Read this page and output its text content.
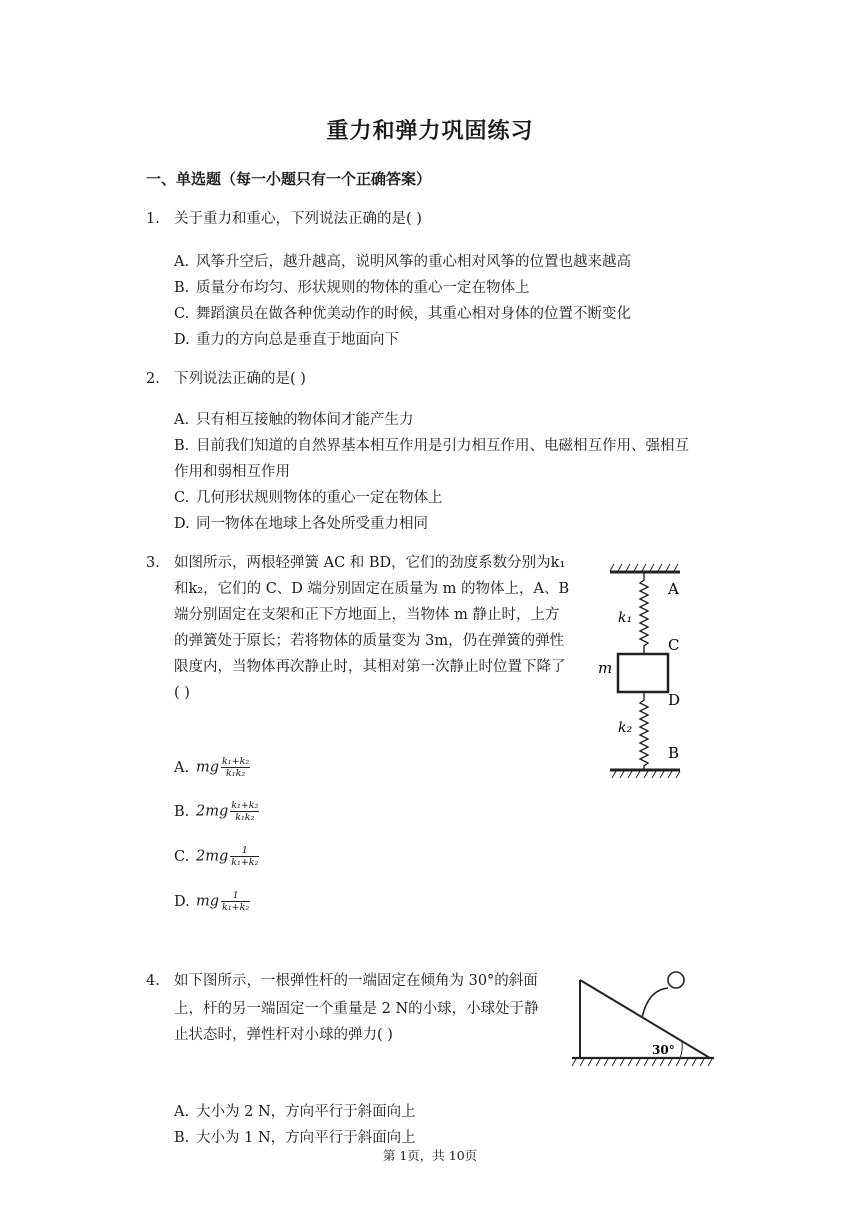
重力和弹力巩固练习
一、单选题（每一小题只有一个正确答案）
1. 关于重力和重心，下列说法正确的是( )
A. 风筝升空后，越升越高，说明风筝的重心相对风筝的位置也越来越高
B. 质量分布均匀、形状规则的物体的重心一定在物体上
C. 舞蹈演员在做各种优美动作的时候，其重心相对身体的位置不断变化
D. 重力的方向总是垂直于地面向下
2. 下列说法正确的是( )
A. 只有相互接触的物体间才能产生力
B. 目前我们知道的自然界基本相互作用是引力相互作用、电磁相互作用、强相互
作用和弱相互作用
C. 几何形状规则物体的重心一定在物体上
D. 同一物体在地球上各处所受重力相同
3. 如图所示，两根轻弹簧 AC 和 BD，它们的劲度系数分别为k₁
和k₂，它们的 C、D 端分别固定在质量为 m 的物体上，A、B
端分别固定在支架和正下方地面上，当物体 m 静止时，上方
的弹簧处于原长；若将物体的质量变为 3m，仍在弹簧的弹性
限度内，当物体再次静止时，其相对第一次静止时位置下降了
( )
A
C
D
B
m
k₁
k₂
A. mg $\frac{\text{k₁+k₂}}{\text{k₁k₂}}$
B. $2mg \frac{\text{k₁+k₂}}{\text{k₁k₂}}$
C. $2mg \frac{1}{\text{k₁+k₂}}$
D. mg $\frac{1}{\text{k₁+k₂}}$
4. 如下图所示，一根弹性杆的一端固定在倾角为 30°的斜面
上，杆的另一端固定一个重量是 2 N的小球，小球处于静
止状态时，弹性杆对小球的弹力( )
30°
A. 大小为 2 N，方向平行于斜面向上
B. 大小为 1 N，方向平行于斜面向上
第 1页，共 10页
